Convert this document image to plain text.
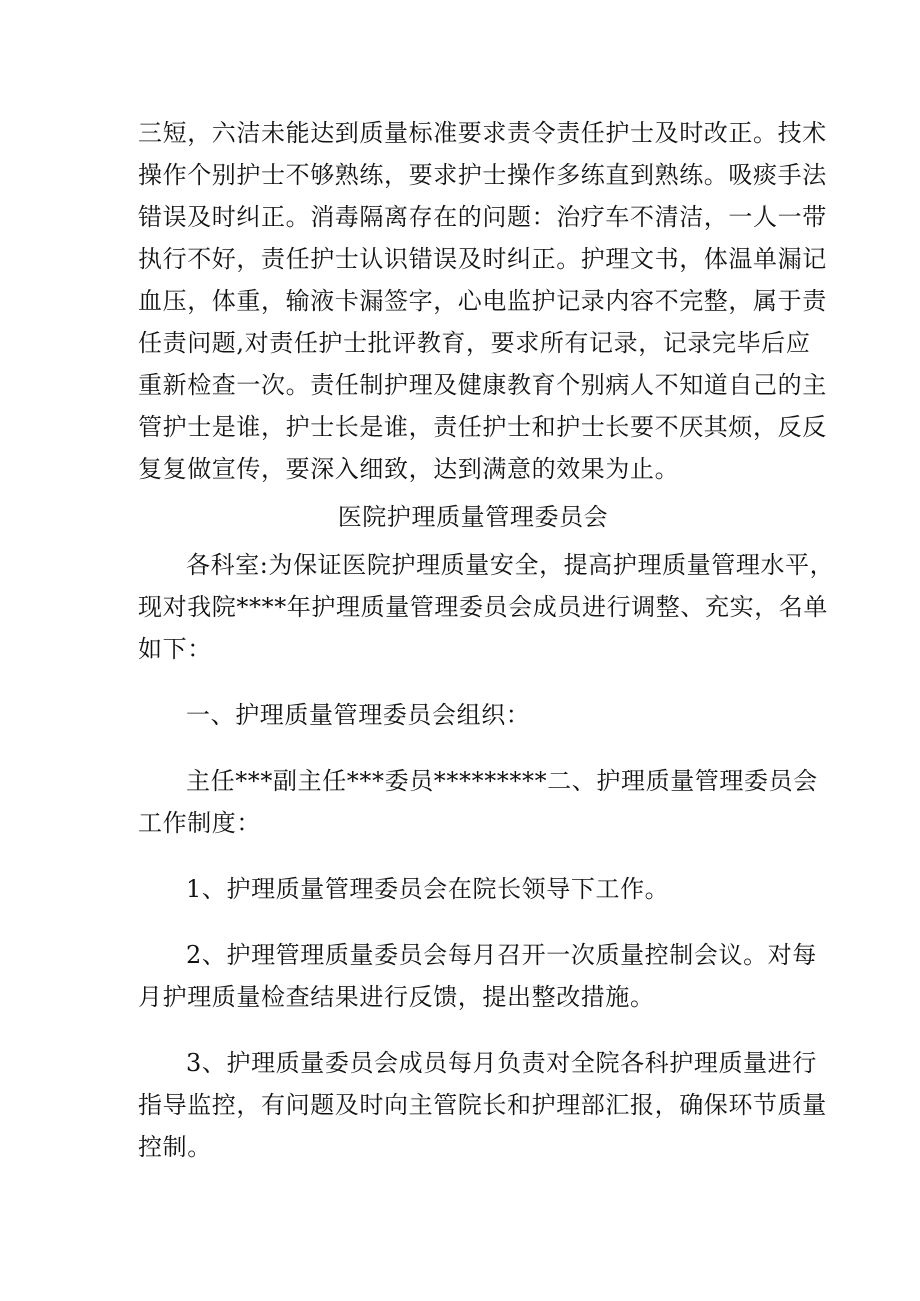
三短，六洁未能达到质量标准要求责令责任护士及时改正。技术
操作个别护士不够熟练，要求护士操作多练直到熟练。吸痰手法
错误及时纠正。消毒隔离存在的问题：治疗车不清洁，一人一带
执行不好，责任护士认识错误及时纠正。护理文书，体温单漏记
血压，体重，输液卡漏签字，心电监护记录内容不完整，属于责
任责问题,对责任护士批评教育，要求所有记录，记录完毕后应
重新检查一次。责任制护理及健康教育个别病人不知道自己的主
管护士是谁，护士长是谁，责任护士和护士长要不厌其烦，反反
复复做宣传，要深入细致，达到满意的效果为止。
医院护理质量管理委员会
各科室:为保证医院护理质量安全，提高护理质量管理水平，
现对我院****年护理质量管理委员会成员进行调整、充实，名单
如下：
一、护理质量管理委员会组织：
主任***副主任***委员*********二、护理质量管理委员会
工作制度：
1、护理质量管理委员会在院长领导下工作。
2、护理管理质量委员会每月召开一次质量控制会议。对每
月护理质量检查结果进行反馈，提出整改措施。
3、护理质量委员会成员每月负责对全院各科护理质量进行
指导监控，有问题及时向主管院长和护理部汇报，确保环节质量
控制。
